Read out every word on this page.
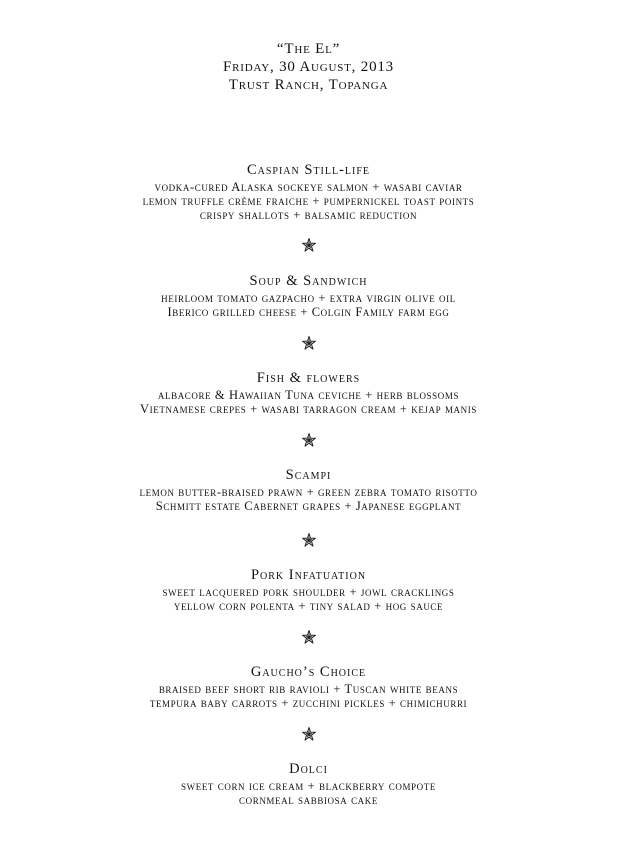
“The El”
Friday, 30 August, 2013
Trust Ranch, Topanga
Caspian Still-life
vodka-cured Alaska sockeye salmon + wasabi caviar
lemon truffle crème fraiche + pumpernickel toast points
crispy shallots + balsamic reduction
Soup & Sandwich
heirloom tomato gazpacho + extra virgin olive oil
Iberico grilled cheese + Colgin Family farm egg
Fish & flowers
albacore & Hawaiian Tuna ceviche + herb blossoms
Vietnamese crepes + wasabi tarragon cream + kejap manis
Scampi
lemon butter-braised prawn + green zebra tomato risotto
Schmitt estate Cabernet grapes + Japanese eggplant
Pork Infatuation
sweet lacquered pork shoulder + jowl cracklings
yellow corn polenta + tiny salad + hog sauce
Gaucho’s Choice
braised beef short rib ravioli + Tuscan white beans
tempura baby carrots + zucchini pickles + chimichurri
Dolci
sweet corn ice cream + blackberry compote
cornmeal sabbiosa cake
